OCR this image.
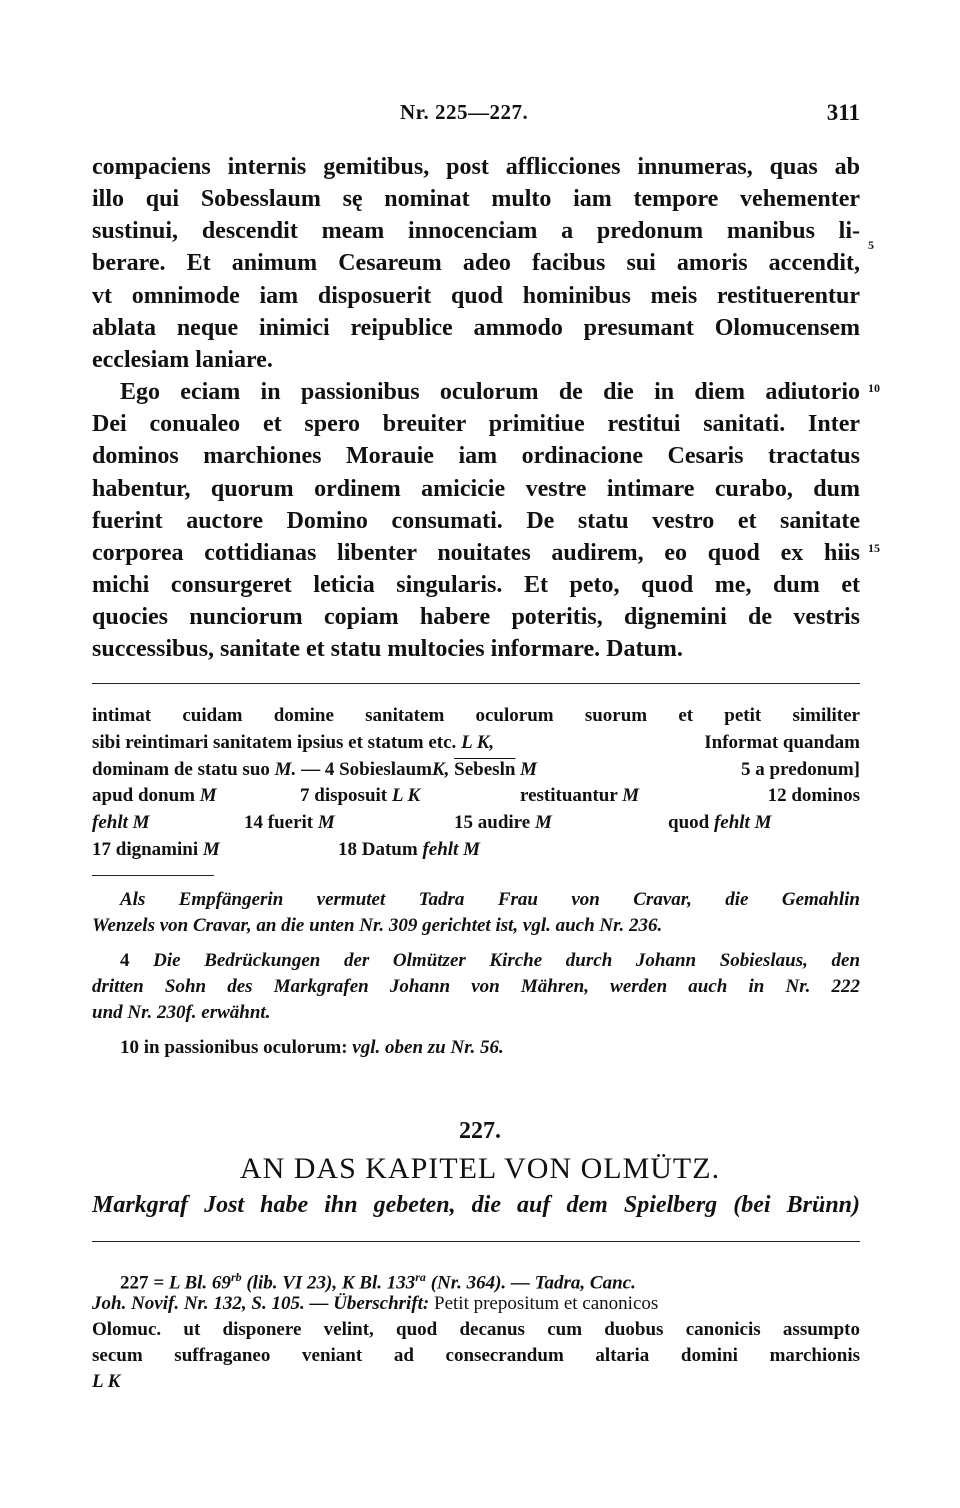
Nr. 225—227.	311
compaciens internis gemitibus, post afflicciones innumeras, quas ab
illo qui Sobesslaum sę nominat multo iam tempore vehementer
sustinui, descendit meam innocenciam a predonum manibus li-
berare. Et animum Cesareum adeo facibus sui amoris accendit,
vt omnimode iam disposuerit quod hominibus meis restituerentur
ablata neque inimici reipublice ammodo presumant Olomucensem
ecclesiam laniare.
Ego eciam in passionibus oculorum de die in diem adiutorio
Dei conualeo et spero breuiter primitiue restitui sanitati. Inter
dominos marchiones Morauie iam ordinacione Cesaris tractatus
habentur, quorum ordinem amicicie vestre intimare curabo, dum
fuerint auctore Domino consumati. De statu vestro et sanitate
corporea cottidianas libenter nouitates audirem, eo quod ex hiis
michi consurgeret leticia singularis. Et peto, quod me, dum et
quocies nunciorum copiam habere poteritis, dignemini de vestris
successibus, sanitate et statu multocies informare. Datum.
5
10
15
intimat cuidam domine sanitatem oculorum suorum et petit similiter
sibi reintimari sanitatem ipsius et statum etc. L K,	Informat quandam
dominam de statu suo M. — 4 SobieslaumK, Sebesln M	5 a predonum]
apud donum M	7 disposuit L K	restituantur M	12 dominos
fehlt M	14 fuerit M	15 audire M	quod fehlt M
17 dignamini M	18 Datum fehlt M
Als Empfängerin vermutet Tadra Frau von Cravar, die Gemahlin
Wenzels von Cravar, an die unten Nr. 309 gerichtet ist, vgl. auch Nr. 236.
4 Die Bedrückungen der Olmützer Kirche durch Johann Sobieslaus, den
dritten Sohn des Markgrafen Johann von Mähren, werden auch in Nr. 222
und Nr. 230f. erwähnt.
10 in passionibus oculorum: vgl. oben zu Nr. 56.
227.
AN DAS KAPITEL VON OLMÜTZ.
Markgraf Jost habe ihn gebeten, die auf dem Spielberg (bei Brünn)
227 = L Bl. $69^{rb}$ (lib. VI 23), K Bl. $133^{ra}$ (Nr. 364). — Tadra, Canc.
Joh. Novif. Nr. 132, S. 105. — Überschrift: Petit prepositum et canonicos
Olomuc. ut disponere velint, quod decanus cum duobus canonicis assumpto
secum suffraganeo veniant ad consecrandum altaria domini marchionis
L K
